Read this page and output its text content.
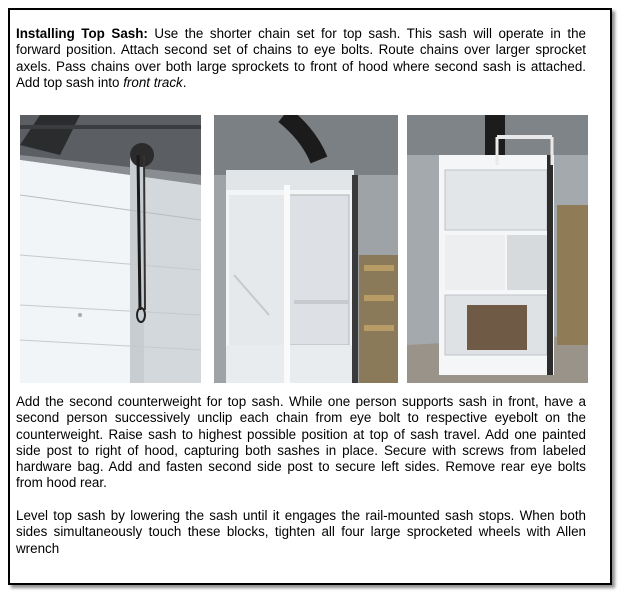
Installing Top Sash: Use the shorter chain set for top sash. This sash will operate in the forward position. Attach second set of chains to eye bolts. Route chains over larger sprocket axels. Pass chains over both large sprockets to front of hood where second sash is attached. Add top sash into front track.

Add the second counterweight for top sash. While one person supports sash in front, have a second person successively unclip each chain from eye bolt to respective eyebolt on the counterweight. Raise sash to highest possible position at top of sash travel. Add one painted side post to right of hood, capturing both sashes in place. Secure with screws from labeled hardware bag. Add and fasten second side post to secure left sides. Remove rear eye bolts from hood rear.

Level top sash by lowering the sash until it engages the rail-mounted sash stops. When both sides simultaneously touch these blocks, tighten all four large sprocketed wheels with Allen wrench
